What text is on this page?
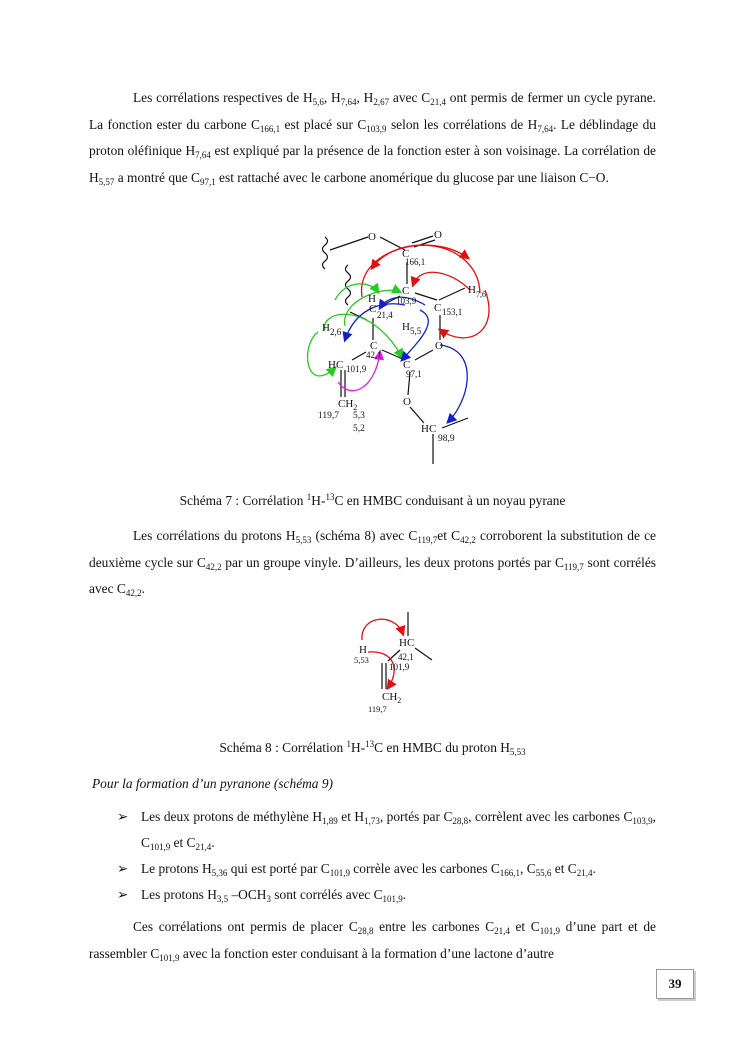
Les corrélations respectives de $H_{5,6}$, $H_{7,64}$, $H_{2,67}$ avec $C_{21,4}$ ont permis de fermer un cycle pyrane. La fonction ester du carbone $C_{166,1}$ est placé sur $C_{103,9}$ selon les corrélations de $H_{7,64}$. Le déblindage du proton oléfinique $H_{7,64}$ est expliqué par la présence de la fonction ester à son voisinage. La corrélation de $H_{5,57}$ a montré que $C_{97,1}$ est rattaché avec le carbone anomérique du glucose par une liaison C−O.
O	O
C
166,1
C
103,9
H 7,6
H
C 21,4
C 153,1
H 2,6	H 5,5
C
42,1
O
HC 101,9	C
97,1
$CH_2$
119,7 5,3
5,2
O
HC
98,9
Schéma 7 : Corrélation $^1$H-$^{13}$C en HMBC conduisant à un noyau pyrane
Les corrélations du protons $H_{5,53}$ (schéma 8) avec $C_{119,7}et$ $C_{42,2}$ corroborent la substitution de ce deuxième cycle sur $C_{42,2}$ par un groupe vinyle. D’ailleurs, les deux protons portés par $C_{119,7}$ sont corrélés avec $C_{42,2}$.
HC
42,1
101,9
H
5,53
$CH_2$
119,7
Schéma 8 : Corrélation $^1$H-$^{13}$C en HMBC du proton $H_{5,53}$
Pour la formation d’un pyranone (schéma 9)
➢ Les deux protons de méthylène $H_{1,89}$ et $H_{1,73}$, portés par $C_{28,8}$, corrèlent avec les carbones $C_{103,9}$, $C_{101,9}$ et $C_{21,4}$.
➢ Le protons $H_{5,36}$ qui est porté par $C_{101,9}$ corrèle avec les carbones $C_{166,1}$, $C_{55,6}$ et $C_{21,4}$.
➢ Les protons $H_{3,5}$ $-OCH_3$ sont corrélés avec $C_{101,9}$.
Ces corrélations ont permis de placer $C_{28,8}$ entre les carbones $C_{21,4}$ et $C_{101,9}$ d’une part et de rassembler $C_{101,9}$ avec la fonction ester conduisant à la formation d’une lactone d’autre
39
